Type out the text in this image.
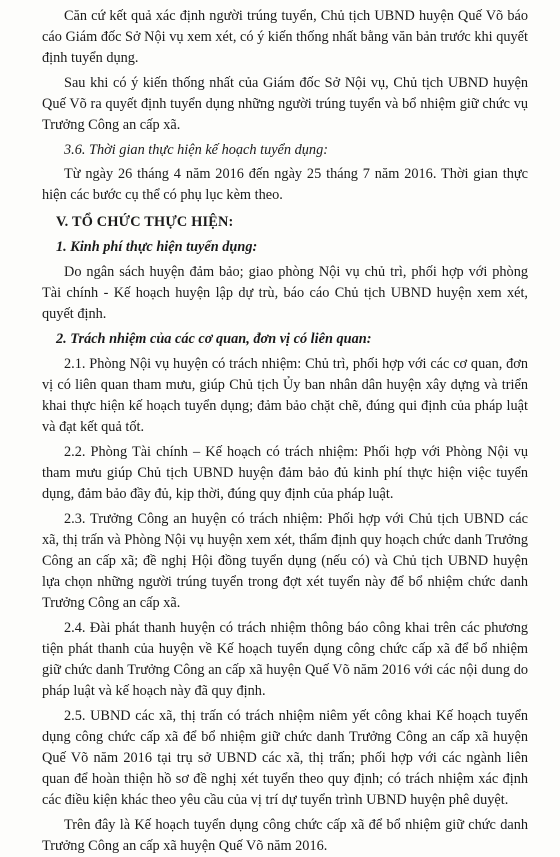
Căn cứ kết quả xác định người trúng tuyển, Chủ tịch UBND huyện Quế Võ báo cáo Giám đốc Sở Nội vụ xem xét, có ý kiến thống nhất bằng văn bản trước khi quyết định tuyển dụng.

Sau khi có ý kiến thống nhất của Giám đốc Sở Nội vụ, Chủ tịch UBND huyện Quế Võ ra quyết định tuyển dụng những người trúng tuyển và bổ nhiệm giữ chức vụ Trưởng Công an cấp xã.

3.6. Thời gian thực hiện kế hoạch tuyển dụng:

Từ ngày 26 tháng 4 năm 2016 đến ngày 25 tháng 7 năm 2016. Thời gian thực hiện các bước cụ thể có phụ lục kèm theo.

V. TỔ CHỨC THỰC HIỆN:

1. Kinh phí thực hiện tuyển dụng:

Do ngân sách huyện đảm bảo; giao phòng Nội vụ chủ trì, phối hợp với phòng Tài chính - Kế hoạch huyện lập dự trù, báo cáo Chủ tịch UBND huyện xem xét, quyết định.

2. Trách nhiệm của các cơ quan, đơn vị có liên quan:

2.1. Phòng Nội vụ huyện có trách nhiệm: Chủ trì, phối hợp với các cơ quan, đơn vị có liên quan tham mưu, giúp Chủ tịch Ủy ban nhân dân huyện xây dựng và triển khai thực hiện kế hoạch tuyển dụng; đảm bảo chặt chẽ, đúng qui định của pháp luật và đạt kết quả tốt.

2.2. Phòng Tài chính – Kế hoạch có trách nhiệm: Phối hợp với Phòng Nội vụ tham mưu giúp Chủ tịch UBND huyện đảm bảo đủ kinh phí thực hiện việc tuyển dụng, đảm bảo đầy đủ, kịp thời, đúng quy định của pháp luật.

2.3. Trưởng Công an huyện có trách nhiệm: Phối hợp với Chủ tịch UBND các xã, thị trấn và Phòng Nội vụ huyện xem xét, thẩm định quy hoạch chức danh Trưởng Công an cấp xã; đề nghị Hội đồng tuyển dụng (nếu có) và Chủ tịch UBND huyện lựa chọn những người trúng tuyển trong đợt xét tuyển này để bổ nhiệm chức danh Trưởng Công an cấp xã.

2.4. Đài phát thanh huyện có trách nhiệm thông báo công khai trên các phương tiện phát thanh của huyện về Kế hoạch tuyển dụng công chức cấp xã để bổ nhiệm giữ chức danh Trưởng Công an cấp xã huyện Quế Võ năm 2016 với các nội dung do pháp luật và kế hoạch này đã quy định.

2.5. UBND các xã, thị trấn có trách nhiệm niêm yết công khai Kế hoạch tuyển dụng công chức cấp xã để bổ nhiệm giữ chức danh Trưởng Công an cấp xã huyện Quế Võ năm 2016 tại trụ sở UBND các xã, thị trấn; phối hợp với các ngành liên quan để hoàn thiện hồ sơ đề nghị xét tuyển theo quy định; có trách nhiệm xác định các điều kiện khác theo yêu cầu của vị trí dự tuyển trình UBND huyện phê duyệt.

Trên đây là Kế hoạch tuyển dụng công chức cấp xã để bổ nhiệm giữ chức danh Trưởng Công an cấp xã huyện Quế Võ năm 2016.
